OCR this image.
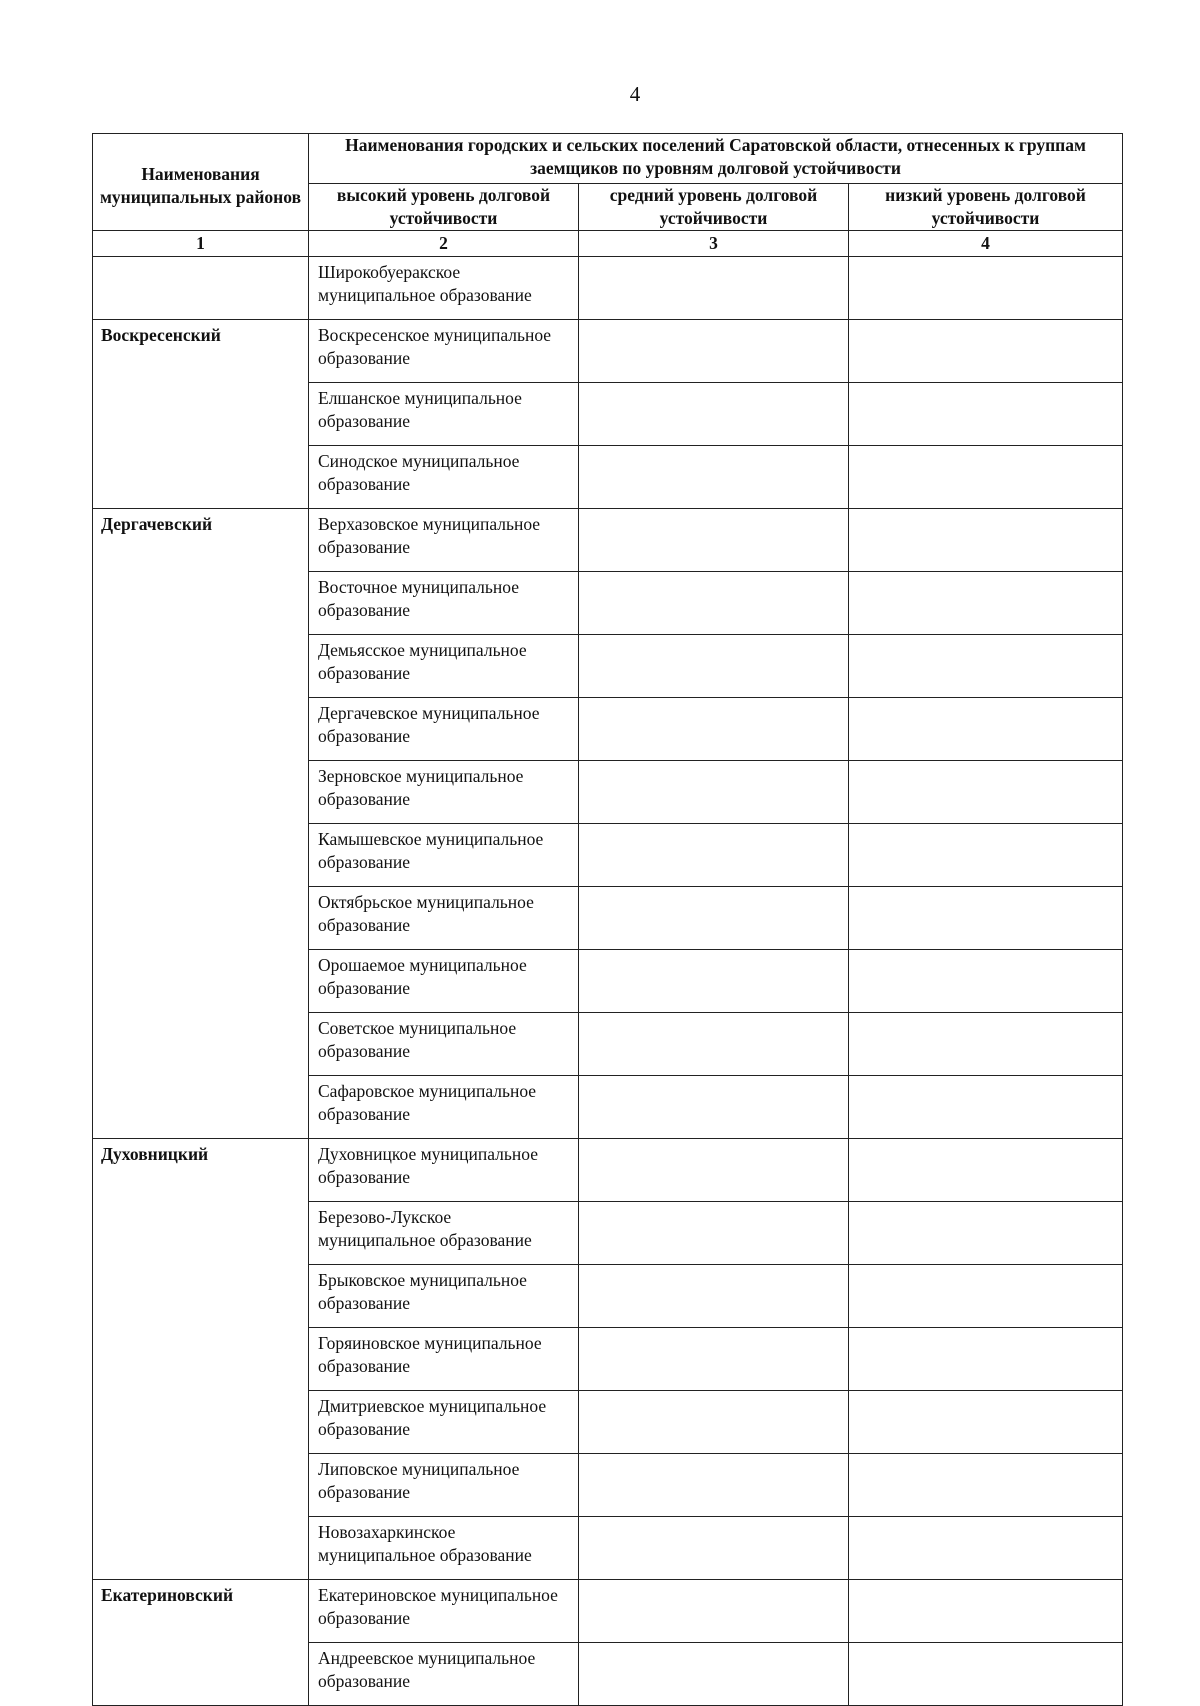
4
Наименования муниципальных районов	Наименования городских и сельских поселений Саратовской области, отнесенных к группам заемщиков по уровням долговой устойчивости		
	высокий уровень долговой устойчивости	средний уровень долговой устойчивости	низкий уровень долговой устойчивости
1	2	3	4
	Широкобуеракское муниципальное образование		
Воскресенский	Воскресенское муниципальное образование		
	Елшанское муниципальное образование		
	Синодское муниципальное образование		
Дергачевский	Верхазовское муниципальное образование		
	Восточное муниципальное образование		
	Демьясское муниципальное образование		
	Дергачевское муниципальное образование		
	Зерновское муниципальное образование		
	Камышевское муниципальное образование		
	Октябрьское муниципальное образование		
	Орошаемое муниципальное образование		
	Советское муниципальное образование		
	Сафаровское муниципальное образование		
Духовницкий	Духовницкое муниципальное образование		
	Березово-Лукское муниципальное образование		
	Брыковское муниципальное образование		
	Горяиновское муниципальное образование		
	Дмитриевское муниципальное образование		
	Липовское муниципальное образование		
	Новозахаркинское муниципальное образование		
Екатериновский	Екатериновское муниципальное образование		
	Андреевское муниципальное образование		
